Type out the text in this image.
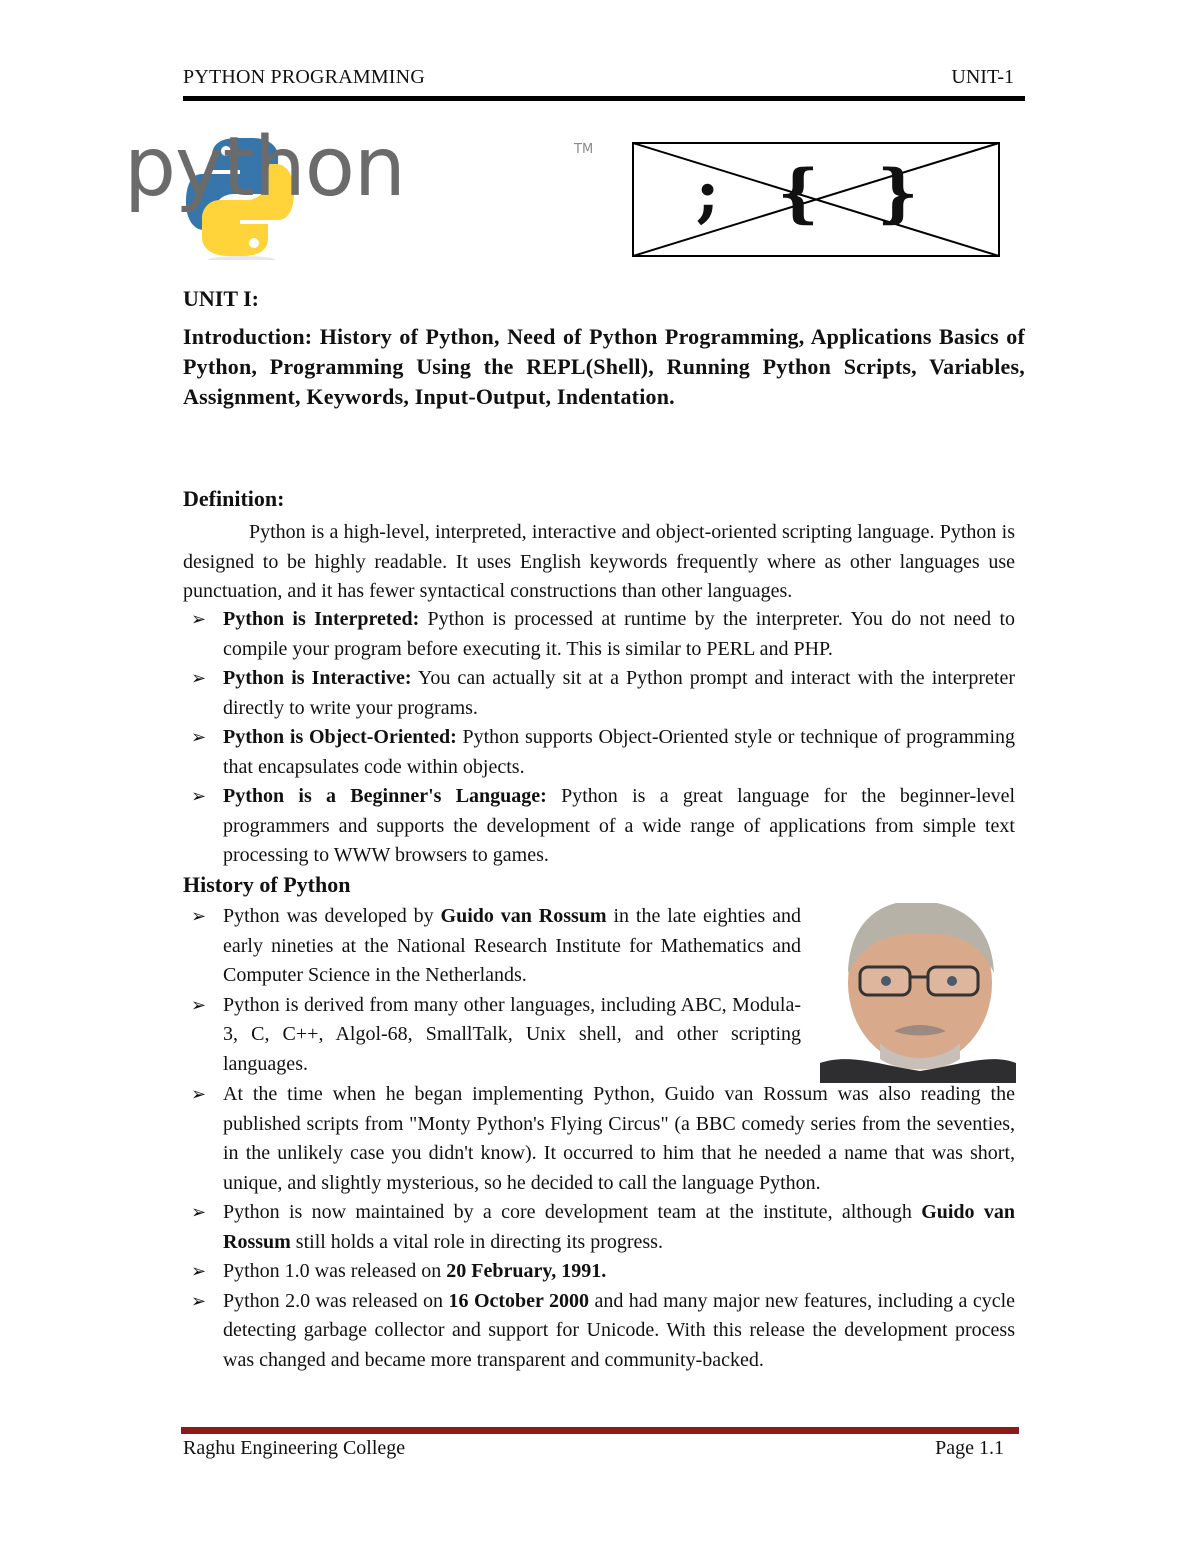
PYTHON PROGRAMMING	UNIT-1
python	TM
; { }
UNIT I:
Introduction: History of Python, Need of Python Programming, Applications Basics of Python, Programming Using the REPL(Shell), Running Python Scripts, Variables, Assignment, Keywords, Input-Output, Indentation.
Definition:
Python is a high-level, interpreted, interactive and object-oriented scripting language. Python is designed to be highly readable. It uses English keywords frequently where as other languages use punctuation, and it has fewer syntactical constructions than other languages.
➢ Python is Interpreted: Python is processed at runtime by the interpreter. You do not need to compile your program before executing it. This is similar to PERL and PHP.
➢ Python is Interactive: You can actually sit at a Python prompt and interact with the interpreter directly to write your programs.
➢ Python is Object-Oriented: Python supports Object-Oriented style or technique of programming that encapsulates code within objects.
➢ Python is a Beginner's Language: Python is a great language for the beginner-level programmers and supports the development of a wide range of applications from simple text processing to WWW browsers to games.
History of Python
➢ Python was developed by Guido van Rossum in the late eighties and early nineties at the National Research Institute for Mathematics and Computer Science in the Netherlands.
➢ Python is derived from many other languages, including ABC, Modula-3, C, C++, Algol-68, SmallTalk, Unix shell, and other scripting languages.
➢ At the time when he began implementing Python, Guido van Rossum was also reading the published scripts from "Monty Python's Flying Circus" (a BBC comedy series from the seventies, in the unlikely case you didn't know). It occurred to him that he needed a name that was short, unique, and slightly mysterious, so he decided to call the language Python.
➢ Python is now maintained by a core development team at the institute, although Guido van Rossum still holds a vital role in directing its progress.
➢ Python 1.0 was released on 20 February, 1991.
➢ Python 2.0 was released on 16 October 2000 and had many major new features, including a cycle detecting garbage collector and support for Unicode. With this release the development process was changed and became more transparent and community-backed.
Raghu Engineering College	Page 1.1
